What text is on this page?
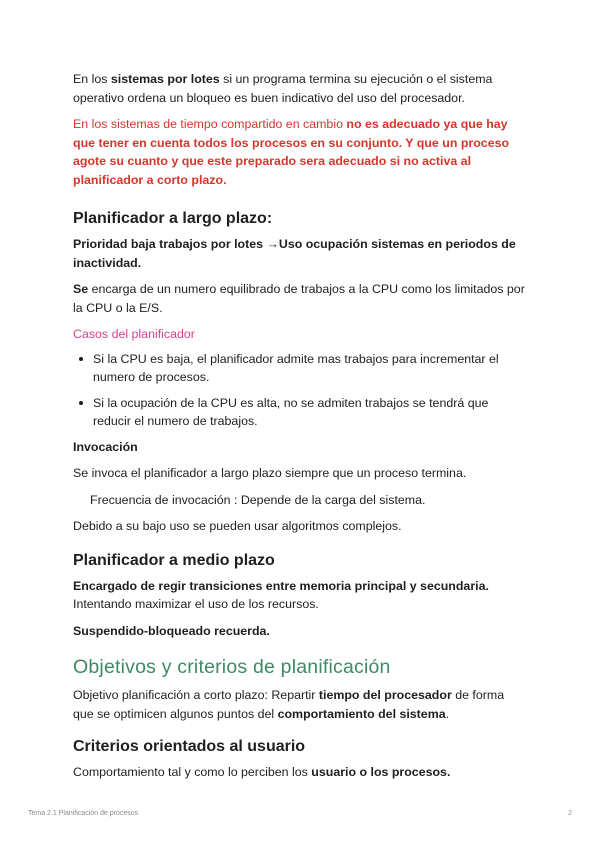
En los sistemas por lotes si un programa termina su ejecución o el sistema operativo ordena un bloqueo es buen indicativo del uso del procesador.

En los sistemas de tiempo compartido en cambio no es adecuado ya que hay que tener en cuenta todos los procesos en su conjunto. Y que un proceso agote su cuanto y que este preparado sera adecuado si no activa al planificador a corto plazo.

Planificador a largo plazo:

Prioridad baja trabajos por lotes →Uso ocupación sistemas en periodos de inactividad.

Se encarga de un numero equilibrado de trabajos a la CPU como los limitados por la CPU o la E/S.

Casos del planificador

Si la CPU es baja, el planificador admite mas trabajos para incrementar el numero de procesos.
Si la ocupación de la CPU es alta, no se admiten trabajos se tendrá que reducir el numero de trabajos.

Invocación

Se invoca el planificador a largo plazo siempre que un proceso termina.

Frecuencia de invocación : Depende de la carga del sistema.

Debido a su bajo uso se pueden usar algoritmos complejos.

Planificador a medio plazo

Encargado de regir transiciones entre memoria principal y secundaria.

Intentando maximizar el uso de los recursos.

Suspendido-bloqueado recuerda.

Objetivos y criterios de planificación

Objetivo planificación a corto plazo: Repartir tiempo del procesador de forma que se optimicen algunos puntos del comportamiento del sistema.

Criterios orientados al usuario

Comportamiento tal y como lo perciben los usuario o los procesos.

Tema 2.1 Planificación de procesos	2
